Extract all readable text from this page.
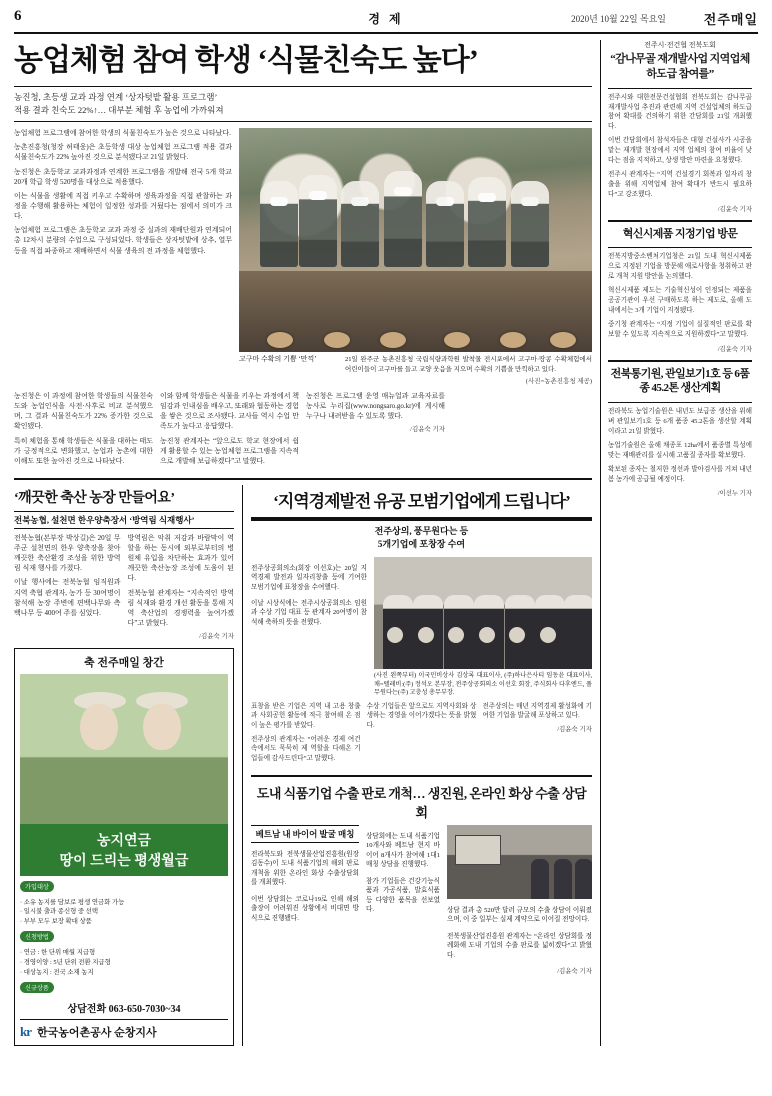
6	경 제	2020년 10월 22일 목요일	전주매일
농업체험 참여 학생 ‘식물친숙도 높다’
농진청, 초등생 교과 과정 연계 ‘상자텃밭 활용 프로그램’
적용 결과 친숙도 22%↑… 대부분 체험 후 농업에 가까워져

농업체험 프로그램에 참여한 학생의 식물친숙도가 높은 것으로 나타났다.

농촌진흥청(청장 허태웅)은 초등학생 대상 농업체험 프로그램 적용 결과 식물친숙도가 22% 높아진 것으로 분석됐다고 21일 밝혔다.

농진청은 초등학교 교과과정과 연계한 프로그램을 개발해 전국 5개 학교 20개 학급 학생 520명을 대상으로 적용했다.

이는 식물을 생활에 직접 키우고 수확하며 생육과정을 직접 관찰하는 과정을 수행해 활용하는 체험이 일정한 성과를 거뒀다는 점에서 의미가 크다.

농업체험 프로그램은 초등학교 교과 과정 중 실과의 재배단원과 연계되어 총 12차시 분량의 수업으로 구성되었다. 학생들은 상자텃밭에 상추, 열무 등을 직접 파종하고 재배하면서 식물 생육의 전 과정을 체험했다.

고구마 수확의 기쁨 ‘만끽’	21일 완주군 농촌진흥청 국립식량과학원 발착물 전시포에서 고구마·땅콩 수확체험에서 어린이들이 고구마를 들고 교양 웃음을 지으며 수확의 기쁨을 만끽하고 있다.
(사진=농촌진흥청 제공)

농진청은 이 과정에 참여한 학생들의 식물친숙도와 농업인식을 사전·사후로 비교 분석했으며, 그 결과 식물친숙도가 22% 증가한 것으로 확인됐다.

특히 체험을 통해 학생들은 식물을 대하는 태도가 긍정적으로 변화했고, 농업과 농촌에 대한 이해도 또한 높아진 것으로 나타났다.

이와 함께 학생들은 식물을 키우는 과정에서 책임감과 인내심을 배우고, 또래와 협동하는 경험을 쌓은 것으로 조사됐다. 교사들 역시 수업 만족도가 높다고 응답했다.

농진청 관계자는 “앞으로도 학교 현장에서 쉽게 활용할 수 있는 농업체험 프로그램을 지속적으로 개발해 보급하겠다”고 말했다.

농진청은 프로그램 운영 매뉴얼과 교육자료를 농사로 누리집(www.nongsaro.go.kr)에 게시해 누구나 내려받을 수 있도록 했다.

/김윤숙 기자
‘깨끗한 축산 농장 만들어요’
전북농협, 설천면 한우양축장서 ‘방역림 식재행사’

전북농협(본부장 박상길)은 20일 무주군 설천면의 한우 양축장을 찾아 깨끗한 축산환경 조성을 위한 방역림 식재 행사를 가졌다.

이날 행사에는 전북농협 임직원과 지역 축협 관계자, 농가 등 30여명이 참석해 농장 주변에 편백나무와 측백나무 등 400여 주를 심었다.

방역림은 악취 저감과 바람막이 역할을 하는 동시에 외부로부터의 병원체 유입을 차단하는 효과가 있어 깨끗한 축산농장 조성에 도움이 된다.

전북농협 관계자는 “지속적인 방역림 식재와 환경 개선 활동을 통해 지역 축산업의 경쟁력을 높여가겠다”고 밝혔다.

/김윤숙 기자
축 전주매일 창간
농지연금
땅이 드리는 평생월급
가입대상
· 소유 농지를 담보로 평생 연금화 가능
· 일시불 출과 종신형 중 선택
· 부부 모두 보장 확대 상품
신청방법
· 연금 : 한 단위 매월 지급형
· 경영이양 : 5년 단위 전환 지급형
· 대상농지 : 전국 소재 농지
신규상품
상담전화 063-650-7030~34
kr 한국농어촌공사 순창지사
‘지역경제발전 유공 모범기업에게 드립니다’
전주상의, 풍무원다는 등
5개기업에 포창장 수여

전주상공회의소(회장 이선호)는 20일 지역경제 발전과 일자리창출 등에 기여한 모범기업에 표창장을 수여했다.

이날 시상식에는 전주시상공회의소 임원과 수상 기업 대표 등 관계자 20여명이 참석해 축하의 뜻을 전했다.

(사진 왼쪽부터) 이국민비상사 김상록 대표이사, (주)하나은사티 임동윤 대표이사, 채=텔레비ː(주) 정석오 본부장, 전주상공회의소 이선호 회장, 주식회사 다후엔드, 풀무원다는(주) 고충성 총무부장.

표창을 받은 기업은 지역 내 고용 창출과 사회공헌 활동에 적극 참여해 온 점이 높은 평가를 받았다.

전주상의 관계자는 “어려운 경제 여건 속에서도 묵묵히 제 역할을 다해온 기업들에 감사드린다”고 말했다.

수상 기업들은 앞으로도 지역사회와 상생하는 경영을 이어가겠다는 뜻을 밝혔다.

전주상의는 매년 지역경제 활성화에 기여한 기업을 발굴해 포상하고 있다.

/김윤숙 기자
도내 식품기업 수출 판로 개척… 생진원, 온라인 화상 수출 상담회
베트남 내 바이어 발굴 매칭

전라북도와 전북생물산업진흥원(원장 김동수)이 도내 식품기업의 해외 판로 개척을 위한 온라인 화상 수출상담회를 개최했다.

이번 상담회는 코로나19로 인해 해외 출장이 어려워진 상황에서 비대면 방식으로 진행됐다.

상담회에는 도내 식품기업 10개사와 베트남 현지 바이어 8개사가 참여해 1대1 매칭 상담을 진행했다.

참가 기업들은 건강기능식품과 가공식품, 발효식품 등 다양한 품목을 선보였다.	상담 결과 총 520만 달러 규모의 수출 상담이 이뤄졌으며, 이 중 일부는 실제 계약으로 이어질 전망이다.

전북생물산업진흥원 관계자는 “온라인 상담회를 정례화해 도내 기업의 수출 판로를 넓히겠다”고 밝혔다.

/김윤숙 기자
전주시·전건협 전북도회
“감나무골 재개발사업 지역업체 하도급 참여를”

전주시와 대한전문건설협회 전북도회는 감나무골 재개발사업 추진과 관련해 지역 건설업체의 하도급 참여 확대를 건의하기 위한 간담회를 21일 개최했다.

이번 간담회에서 참석자들은 대형 건설사가 시공을 맡는 재개발 현장에서 지역 업체의 참여 비율이 낮다는 점을 지적하고, 상생 방안 마련을 요청했다.

전주시 관계자는 “지역 건설경기 회복과 일자리 창출을 위해 지역업체 참여 확대가 반드시 필요하다”고 강조했다.

/김윤숙 기자
혁신시제품 지정기업 방문

전북지방중소벤처기업청은 21일 도내 혁신시제품으로 지정된 기업을 방문해 애로사항을 청취하고 판로 개척 지원 방안을 논의했다.

혁신시제품 제도는 기술혁신성이 인정되는 제품을 공공기관이 우선 구매하도록 하는 제도로, 올해 도내에서는 3개 기업이 지정됐다.

중기청 관계자는 “지정 기업이 실질적인 판로를 확보할 수 있도록 지속적으로 지원하겠다”고 말했다.

/김윤숙 기자
전북통기원, 관일보기1호 등 6품종 45.2톤 생산계획

전라북도 농업기술원은 내년도 보급종 생산을 위해 벼 관일보기1호 등 6개 품종 45.2톤을 생산할 계획이라고 21일 밝혔다.

농업기술원은 올해 채종포 12ha에서 품종별 특성에 맞는 재배관리를 실시해 고품질 종자를 확보했다.

확보된 종자는 철저한 정선과 발아검사를 거쳐 내년 봄 농가에 공급될 예정이다.

/이선누 기자
